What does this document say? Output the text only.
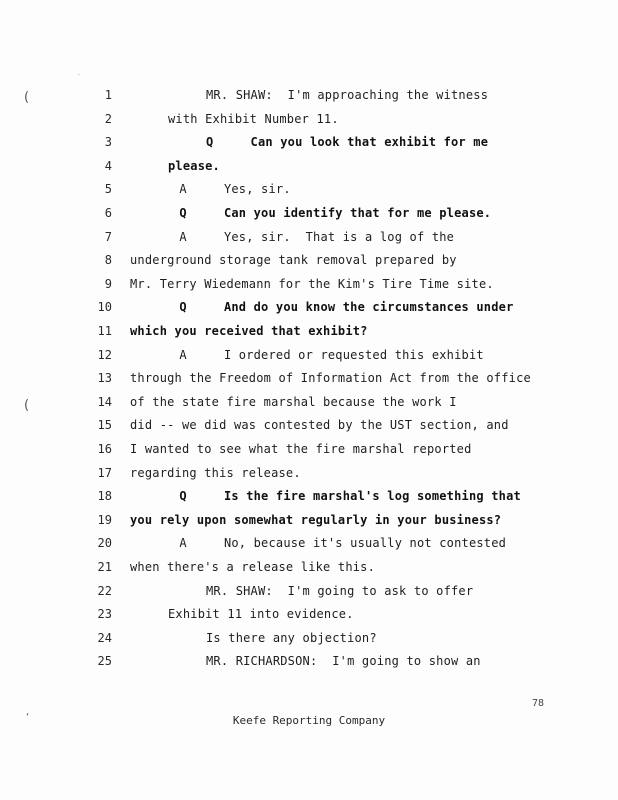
.
(
(
‘
1	MR. SHAW:  I'm approaching the witness
2	with Exhibit Number 11.
3	Q     Can you look that exhibit for me
4	please.
5	A     Yes, sir.
6	Q     Can you identify that for me please.
7	A     Yes, sir.  That is a log of the
8 underground storage tank removal prepared by
9 Mr. Terry Wiedemann for the Kim's Tire Time site.
10	Q     And do you know the circumstances under
11 which you received that exhibit?
12	A     I ordered or requested this exhibit
13 through the Freedom of Information Act from the office
14 of the state fire marshal because the work I
15 did -- we did was contested by the UST section, and
16 I wanted to see what the fire marshal reported
17 regarding this release.
18	Q     Is the fire marshal's log something that
19 you rely upon somewhat regularly in your business?
20	A     No, because it's usually not contested
21 when there's a release like this.
22	MR. SHAW:  I'm going to ask to offer
23	Exhibit 11 into evidence.
24	Is there any objection?
25	MR. RICHARDSON:  I'm going to show an
78
Keefe Reporting Company
